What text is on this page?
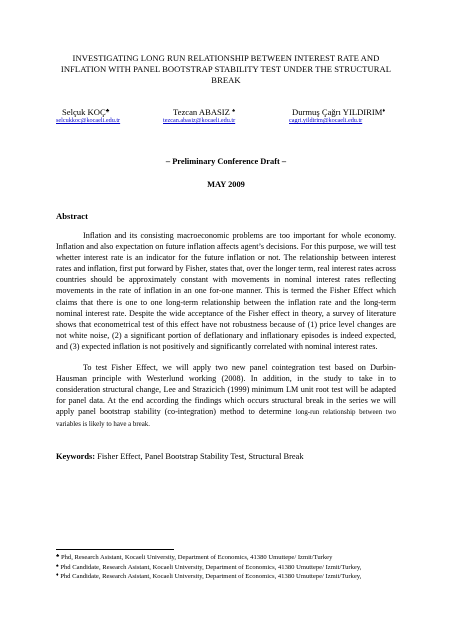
INVESTIGATING LONG RUN RELATIONSHIP BETWEEN INTEREST RATE AND INFLATION WITH PANEL BOOTSTRAP STABILITY TEST UNDER THE STRUCTURAL BREAK
Selçuk KOÇ♣
selcukkoc@kocaeli.edu.tr
Tezcan ABASIZ ♠
tezcan.abasiz@kocaeli.edu.tr
Durmuş Çağrı YILDIRIM♦
cagri.yildirim@kocaeli.edu.tr
– Preliminary Conference Draft –
MAY 2009
Abstract
Inflation and its consisting macroeconomic problems are too important for whole economy. Inflation and also expectation on future inflation affects agent’s decisions. For this purpose, we will test whetter interest rate is an indicator for the future inflation or not. The relationship between interest rates and inflation, first put forward by Fisher, states that, over the longer term, real interest rates across countries should be approximately constant with movements in nominal interest rates reflecting movements in the rate of inflation in an one for-one manner. This is termed the Fisher Effect which claims that there is one to one long-term relationship between the inflation rate and the long-term nominal interest rate. Despite the wide acceptance of the Fisher effect in theory, a survey of literature shows that econometrical test of this effect have not robustness because of (1) price level changes are not white noise, (2) a significant portion of deflationary and inflationary episodes is indeed expected, and (3) expected inflation is not positively and significantly correlated with nominal interest rates.
To test Fisher Effect, we will apply two new panel cointegration test based on Durbin-Hausman principle with Westerlund working (2008). In addition, in the study to take in to consideration structural change, Lee and Strazicich (1999) minimum LM unit root test will be adapted for panel data. At the end according the findings which occurs structural break in the series we will apply panel bootstrap stability (co-integration) method to determine long-run relationship between two variables is likely to have a break.
Keywords: Fisher Effect, Panel Bootstrap Stability Test, Structural Break

♣ Phd, Research Asistant, Kocaeli University, Department of Economics, 41380 Umuttepe/ Izmit/Turkey

♠ Phd Candidate, Research Asistant, Kocaeli University, Department of Economics, 41380 Umuttepe/ Izmit/Turkey,

♦ Phd Candidate, Research Asistant, Kocaeli University, Department of Economics, 41380 Umuttepe/ Izmit/Turkey,
